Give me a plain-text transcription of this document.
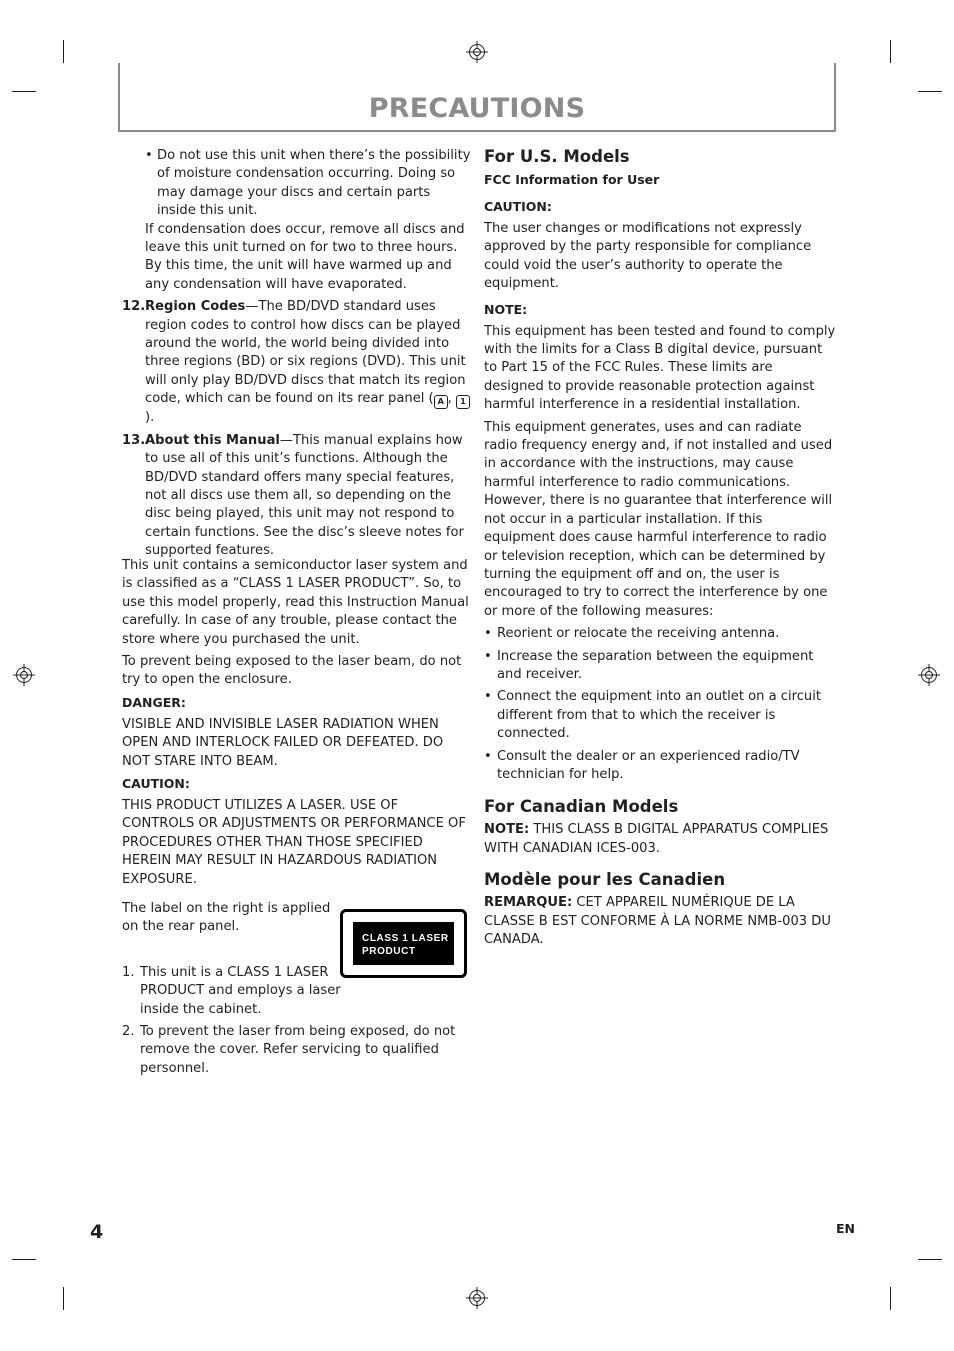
PRECAUTIONS
• Do not use this unit when there’s the possibility of moisture condensation occurring. Doing so may damage your discs and certain parts inside this unit.

If condensation does occur, remove all discs and leave this unit turned on for two to three hours. By this time, the unit will have warmed up and any condensation will have evaporated.

12. Region Codes—The BD/DVD standard uses region codes to control how discs can be played around the world, the world being divided into three regions (BD) or six regions (DVD). This unit will only play BD/DVD discs that match its region code, which can be found on its rear panel ( A , 1).
13. About this Manual—This manual explains how to use all of this unit’s functions. Although the BD/DVD standard offers many special features, not all discs use them all, so depending on the disc being played, this unit may not respond to certain functions. See the disc’s sleeve notes for supported features.

This unit contains a semiconductor laser system and is classified as a “CLASS 1 LASER PRODUCT”. So, to use this model properly, read this Instruction Manual carefully. In case of any trouble, please contact the store where you purchased the unit.

To prevent being exposed to the laser beam, do not try to open the enclosure.

DANGER:

VISIBLE AND INVISIBLE LASER RADIATION WHEN OPEN AND INTERLOCK FAILED OR DEFEATED. DO NOT STARE INTO BEAM.

CAUTION:

THIS PRODUCT UTILIZES A LASER. USE OF CONTROLS OR ADJUSTMENTS OR PERFORMANCE OF PROCEDURES OTHER THAN THOSE SPECIFIED HEREIN MAY RESULT IN HAZARDOUS RADIATION EXPOSURE.

The label on the right is applied on the rear panel.

CLASS 1 LASER
PRODUCT
1. This unit is a CLASS 1 LASER PRODUCT and employs a laser inside the cabinet.
2. To prevent the laser from being exposed, do not remove the cover. Refer servicing to qualified personnel.
For U.S. Models
FCC Information for User
CAUTION:

The user changes or modifications not expressly approved by the party responsible for compliance could void the user’s authority to operate the equipment.

NOTE:

This equipment has been tested and found to comply with the limits for a Class B digital device, pursuant to Part 15 of the FCC Rules. These limits are designed to provide reasonable protection against harmful interference in a residential installation.

This equipment generates, uses and can radiate radio frequency energy and, if not installed and used in accordance with the instructions, may cause harmful interference to radio communications. However, there is no guarantee that interference will not occur in a particular installation. If this equipment does cause harmful interference to radio or television reception, which can be determined by turning the equipment off and on, the user is encouraged to try to correct the interference by one or more of the following measures:

• Reorient or relocate the receiving antenna.
• Increase the separation between the equipment and receiver.
• Connect the equipment into an outlet on a circuit different from that to which the receiver is connected.
• Consult the dealer or an experienced radio/TV technician for help.
For Canadian Models

NOTE: THIS CLASS B DIGITAL APPARATUS COMPLIES WITH CANADIAN ICES-003.

Modèle pour les Canadien

REMARQUE: CET APPAREIL NUMÉRIQUE DE LA CLASSE B EST CONFORME À LA NORME NMB-003 DU CANADA.

4	EN
